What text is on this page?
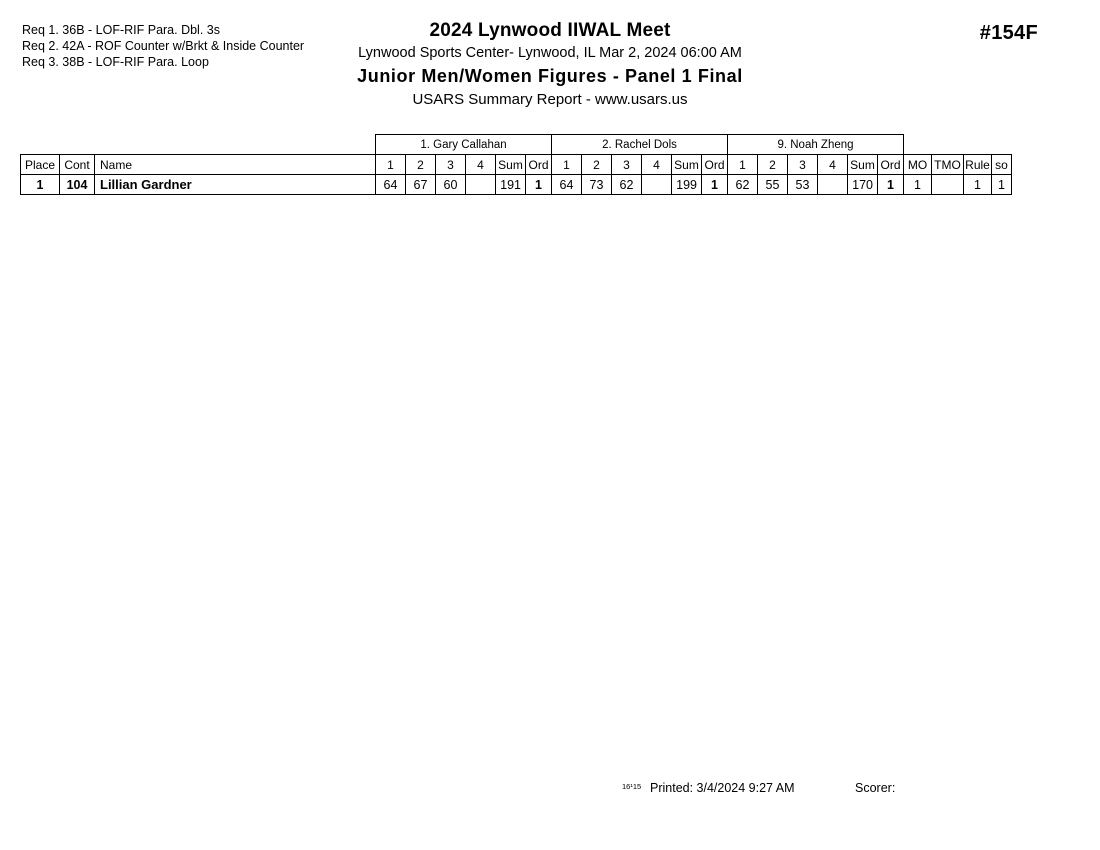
Req 1. 36B - LOF-RIF Para. Dbl. 3s
Req 2. 42A - ROF Counter w/Brkt & Inside Counter
Req 3. 38B - LOF-RIF Para. Loop
2024 Lynwood IIWAL Meet
Lynwood Sports Center- Lynwood, IL Mar 2, 2024 06:00 AM
Junior Men/Women Figures - Panel 1 Final
USARS Summary Report - www.usars.us
#154F
			1. Gary Callahan						2. Rachel Dols						9. Noah Zheng									
Place	Cont	Name	1	2	3	4	Sum	Ord	1	2	3	4	Sum	Ord	1	2	3	4	Sum	Ord	MO	TMO	Rule	so
1	104	Lillian Gardner	64	67	60		191	1	64	73	62		199	1	62	55	53		170	1	1		1	1
16¹15 Printed: 3/4/2024 9:27 AM	Scorer:
